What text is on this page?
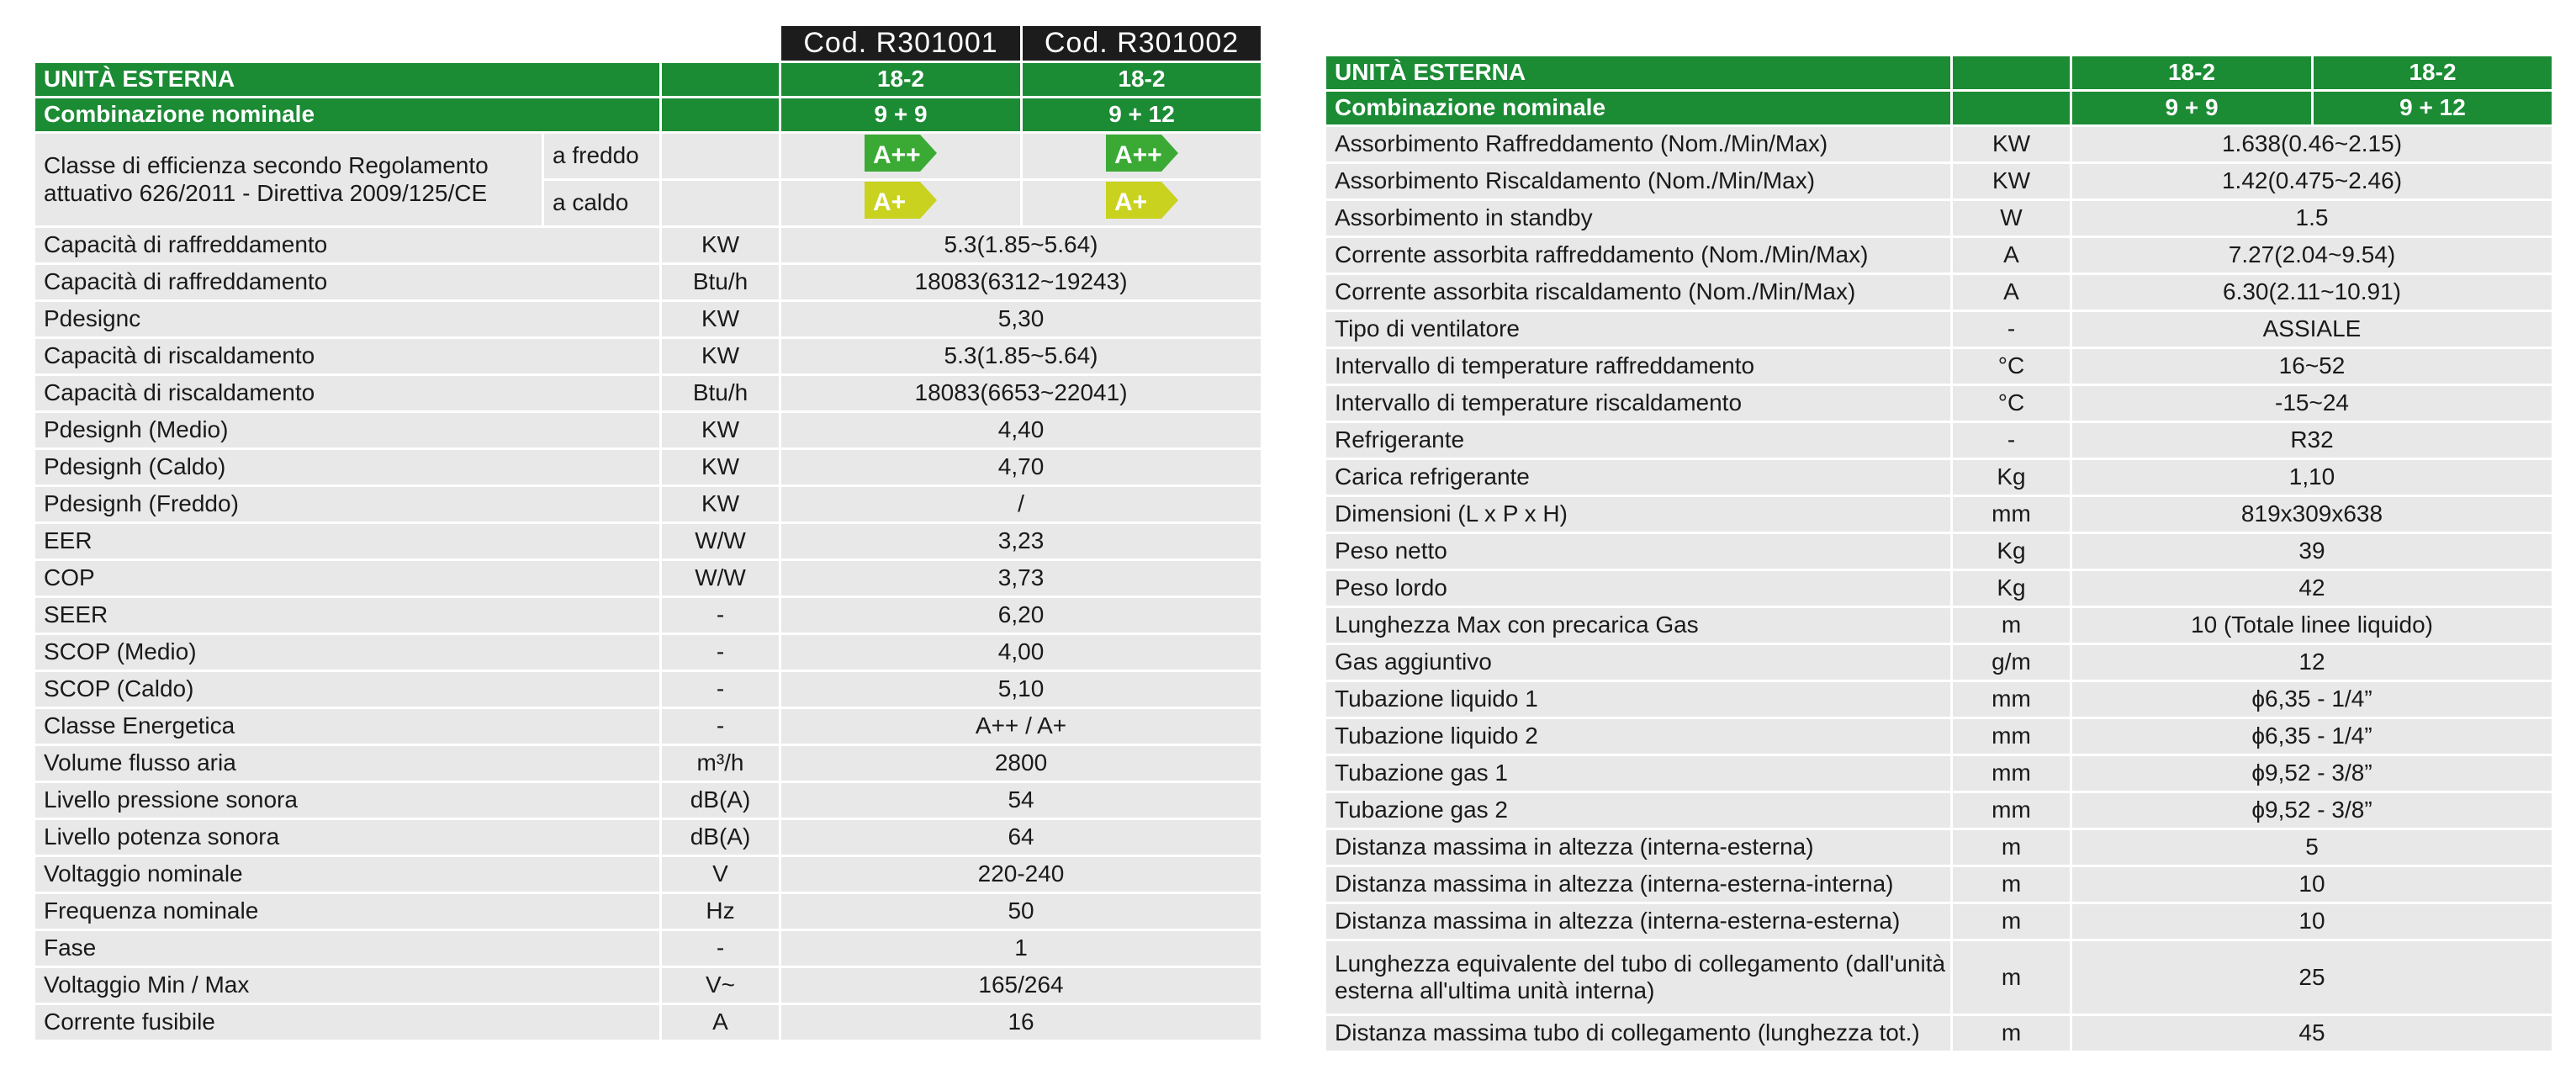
			Cod. R301001	Cod. R301002
UNITÀ ESTERNA			18-2	18-2
Combinazione nominale			9 + 9	9 + 12
Classe di efficienza secondo Regolamento attuativo 626/2011 - Direttiva 2009/125/CE	a freddo		A++	A++

	a caldo		A+	A+

Capacità di raffreddamento		KW	5.3(1.85~5.64)	
Capacità di raffreddamento		Btu/h	18083(6312~19243)	
Pdesignc		KW	5,30	
Capacità di riscaldamento		KW	5.3(1.85~5.64)	
Capacità di riscaldamento		Btu/h	18083(6653~22041)	
Pdesignh (Medio)		KW	4,40	
Pdesignh (Caldo)		KW	4,70	
Pdesignh (Freddo)		KW	/	
EER		W/W	3,23	
COP		W/W	3,73	
SEER		-	6,20	
SCOP (Medio)		-	4,00	
SCOP (Caldo)		-	5,10	
Classe Energetica		-	A++ / A+	
Volume flusso aria		m³/h	2800	
Livello pressione sonora		dB(A)	54	
Livello potenza sonora		dB(A)	64	
Voltaggio nominale		V	220-240	
Frequenza nominale		Hz	50	
Fase		-	1	
Voltaggio Min / Max		V~	165/264	
Corrente fusibile		A	16	
UNITÀ ESTERNA		18-2	18-2
Combinazione nominale		9 + 9	9 + 12
Assorbimento Raffreddamento (Nom./Min/Max)	KW	1.638(0.46~2.15)	
Assorbimento Riscaldamento (Nom./Min/Max)	KW	1.42(0.475~2.46)	
Assorbimento in standby	W	1.5	
Corrente assorbita raffreddamento (Nom./Min/Max)	A	7.27(2.04~9.54)	
Corrente assorbita riscaldamento (Nom./Min/Max)	A	6.30(2.11~10.91)	
Tipo di ventilatore	-	ASSIALE	
Intervallo di temperature raffreddamento	°C	16~52	
Intervallo di temperature riscaldamento	°C	-15~24	
Refrigerante	-	R32	
Carica refrigerante	Kg	1,10	
Dimensioni (L x P x H)	mm	819x309x638	
Peso netto	Kg	39	
Peso lordo	Kg	42	
Lunghezza Max con precarica Gas	m	10 (Totale linee liquido)	
Gas aggiuntivo	g/m	12	
Tubazione liquido 1	mm	ϕ6,35 - 1/4”	
Tubazione liquido 2	mm	ϕ6,35 - 1/4”	
Tubazione gas 1	mm	ϕ9,52 - 3/8”	
Tubazione gas 2	mm	ϕ9,52 - 3/8”	
Distanza massima in altezza (interna-esterna)	m	5	
Distanza massima in altezza (interna-esterna-interna)	m	10	
Distanza massima in altezza (interna-esterna-esterna)	m	10	
Lunghezza equivalente del tubo di collegamento (dall'unità esterna all'ultima unità interna)	m	25	
Distanza massima tubo di collegamento (lunghezza tot.)	m	45	
